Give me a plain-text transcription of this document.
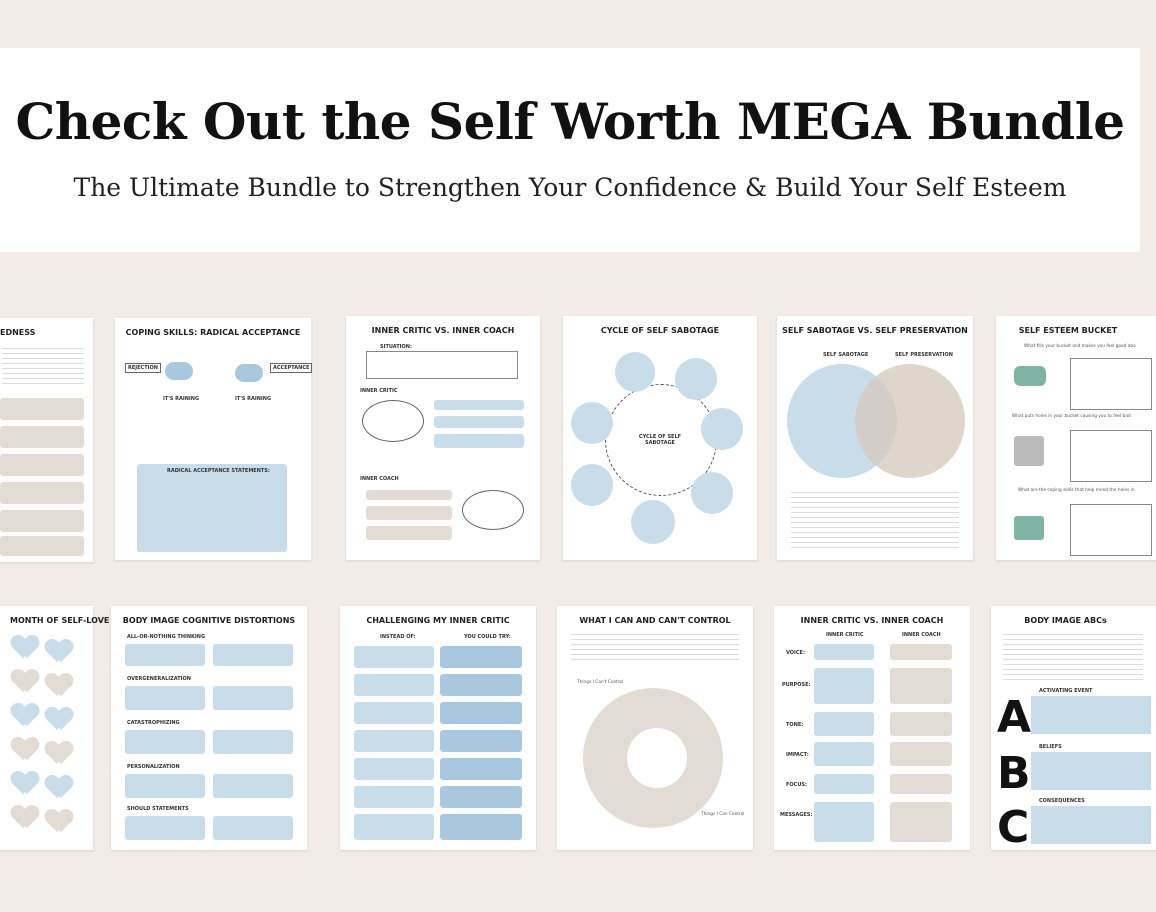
Check Out the Self Worth MEGA Bundle
The Ultimate Bundle to Strengthen Your Confidence & Build Your Self Esteem
EDNESS	COPING SKILLS: RADICAL ACCEPTANCE
REJECTION	ACCEPTANCE
IT'S RAINING	IT'S RAINING
RADICAL ACCEPTANCE STATEMENTS:
INNER CRITIC VS. INNER COACH
SITUATION:
INNER CRITIC
INNER COACH
CYCLE OF SELF SABOTAGE
CYCLE OF SELF SABOTAGE
SELF SABOTAGE VS. SELF PRESERVATION
SELF SABOTAGE	SELF PRESERVATION
SELF ESTEEM BUCKET
What fills your bucket and makes you feel good abo
What puts holes in your bucket causing you to feel bad
What are the coping skills that help mend the holes in
MONTH OF SELF-LOVE	BODY IMAGE COGNITIVE DISTORTIONS
ALL-OR-NOTHING THINKING
OVERGENERALIZATION
CATASTROPHIZING
PERSONALIZATION
SHOULD STATEMENTS
CHALLENGING MY INNER CRITIC
INSTEAD OF:	YOU COULD TRY:
WHAT I CAN AND CAN'T CONTROL
Things I Can't Control
Things I Can Control
INNER CRITIC VS. INNER COACH
INNER CRITIC	INNER COACH
VOICE:
PURPOSE:
TONE:
IMPACT:
FOCUS:
MESSAGES:
BODY IMAGE ABCs
A
ACTIVATING EVENT
B
BELIEFS
C
CONSEQUENCES
